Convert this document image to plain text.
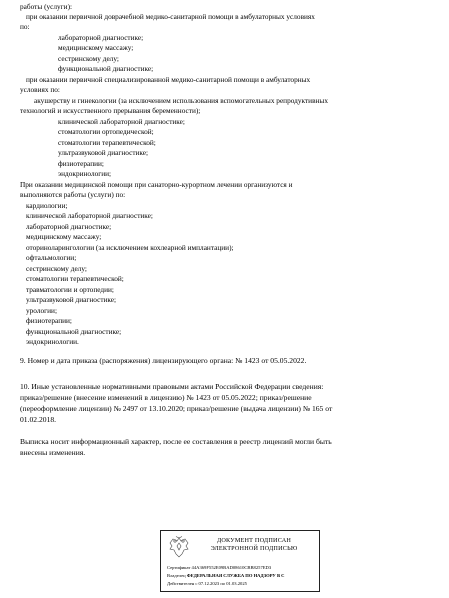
работы (услуги):
при оказании первичной доврачебной медико-санитарной помощи в амбулаторных условиях
по:
лабораторной диагностике;
медицинскому массажу;
сестринскому делу;
функциональной диагностике;
при оказании первичной специализированной медико-санитарной помощи в амбулаторных
условиях по:
акушерству и гинекологии (за исключением использования вспомогательных репродуктивных
технологий и искусственного прерывания беременности);
клинической лабораторной диагностике;
стоматологии ортопедической;
стоматологии терапевтической;
ультразвуковой диагностике;
физиотерапии;
эндокринологии;
При оказании медицинской помощи при санаторно-курортном лечении организуются и
выполняются работы (услуги) по:
кардиологии;
клинической лабораторной диагностике;
лабораторной диагностике;
медицинскому массажу;
оториноларингологии (за исключением кохлеарной имплантации);
офтальмологии;
сестринскому делу;
стоматологии терапевтической;
травматологии и ортопедии;
ультразвуковой диагностике;
урологии;
физиотерапии;
функциональной диагностике;
эндокринологии.
9. Номер и дата приказа (распоряжения) лицензирующего органа: № 1423 от 05.05.2022.
10. Иные установленные нормативными правовыми актами Российской Федерации сведения:
приказ/решение (внесение изменений в лицензию) № 1423 от 05.05.2022; приказ/решение
(переоформление лицензии) № 2497 от 13.10.2020; приказ/решение (выдача лицензии) № 165 от
01.02.2018.
Выписка носит информационный характер, после ее составления в реестр лицензий могли быть
внесены изменения.
ДОКУМЕНТ ПОДПИСАН
ЭЛЕКТРОННОЙ ПОДПИСЬЮ
Сертификат 44A369F552E09BAD08610CBB8257ED3
Владелец ФЕДЕРАЛЬНАЯ СЛУЖБА ПО НАДЗОРУ В С
Действителен с 07.12.2023 по 01.03.2025
